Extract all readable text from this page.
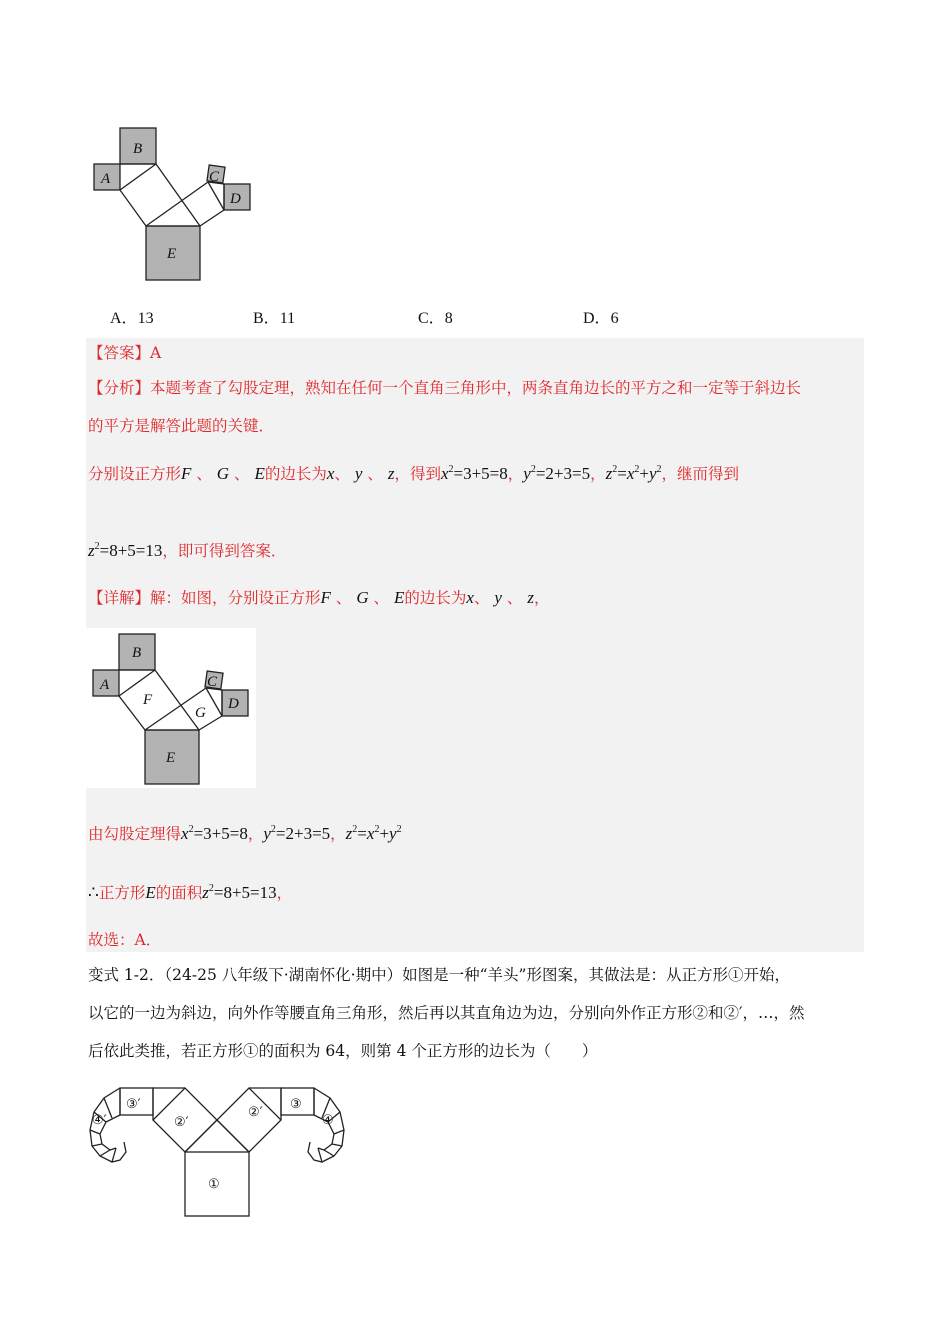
B
A	C
D
E
A．13	B．11	C．8	D．6
【答案】A
【分析】本题考查了勾股定理，熟知在任何一个直角三角形中，两条直角边长的平方之和一定等于斜边长
的平方是解答此题的关键．
分别设正方形F 、 G 、 E的边长为x、 y 、 z，得到$x^2=3+5=8$，$y^2=2+3=5$，$z^2=x^2+y^2$，继而得到
$z^2=8+5=13$，即可得到答案．
【详解】解：如图，分别设正方形F 、 G 、 E的边长为x、 y 、 z，
B
A
F
C
G
D
E
由勾股定理得$x^2=3+5=8$，$y^2=2+3=5$，$z^2=x^2+y^2$
∴正方形E的面积$z^2=8+5=13$，
故选：A．
变式 1-2．（24-25 八年级下·湖南怀化·期中）如图是一种“羊头”形图案，其做法是：从正方形①开始，
以它的一边为斜边，向外作等腰直角三角形，然后再以其直角边为边，分别向外作正方形②和②′，…，然
后依此类推，若正方形①的面积为 64，则第 4 个正方形的边长为（　　）
③′
②′
②′
③
④′	④
①
